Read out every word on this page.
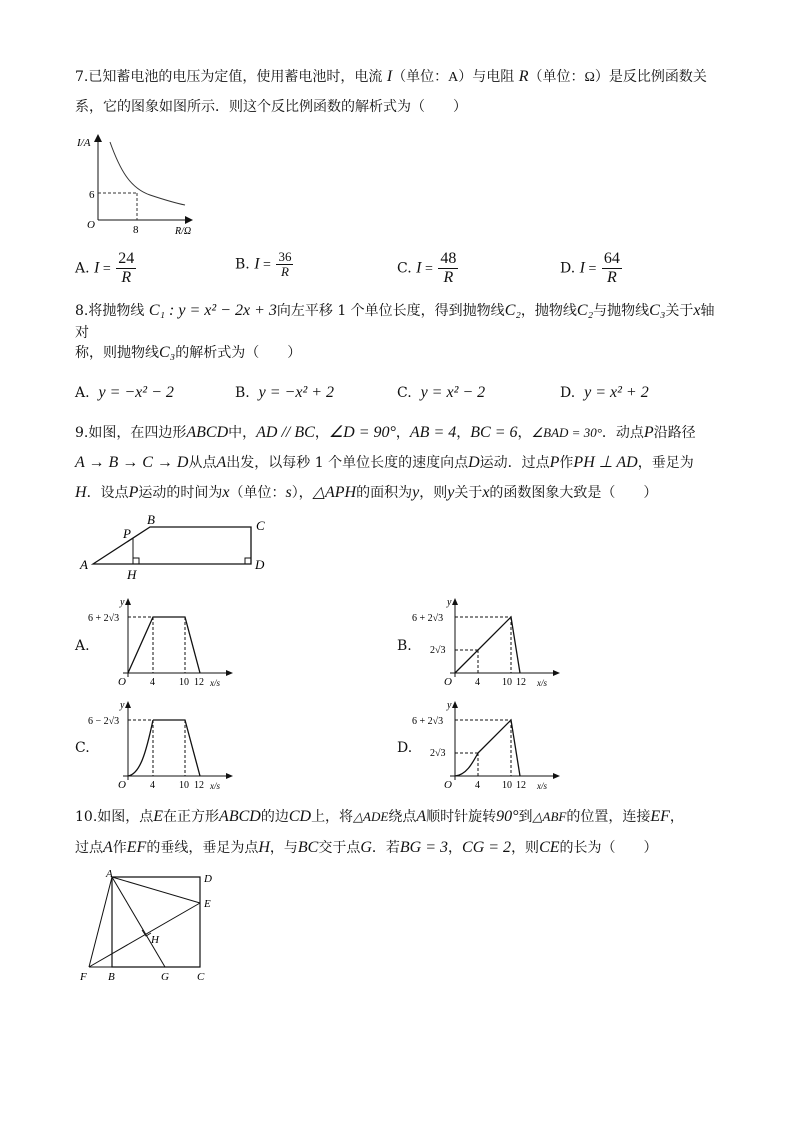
7.已知蓄电池的电压为定值，使用蓄电池时，电流 I（单位：A）与电阻 R（单位：Ω）是反比例函数关
系，它的图象如图所示．则这个反比例函数的解析式为（　　）
I/A
6
O	8	R/Ω
A. $I = \frac{24}{R}$	B. $I = \frac{36}{R}$	C. $I = \frac{48}{R}$	D. $I = \frac{64}{R}$
8.将抛物线 C₁ : y = x² − 2x + 3向左平移 1 个单位长度，得到抛物线C₂，抛物线C₂与抛物线C₃关于x轴对
称，则抛物线C₃的解析式为（　　）
A. y = −x² − 2	B. y = −x² + 2	C. y = x² − 2	D. y = x² + 2
9.如图，在四边形ABCD中，AD // BC，∠D = 90°，AB = 4，BC = 6，∠BAD = 30°．动点P沿路径
A → B → C → D从点A出发，以每秒 1 个单位长度的速度向点D运动．过点P作PH ⊥ AD，垂足为
H．设点P运动的时间为x（单位：s），△APH的面积为y，则y关于x的函数图象大致是（　　）
A
B	C
D
P
H
A.
6 + 2√3
y
O 4 10 12 x/s
B.
6 + 2√3
2√3
y
O 4 10 12 x/s
C.
6 − 2√3
y
O 4 10 12 x/s
D.
6 + 2√3
2√3
y
O 4 10 12 x/s
10.如图，点E在正方形ABCD的边CD上，将△ADE绕点A顺时针旋转90°到△ABF的位置，连接EF，
过点A作EF的垂线，垂足为点H，与BC交于点G．若BG = 3，CG = 2，则CE的长为（　　）
A	D
E
H
F B	G	C
